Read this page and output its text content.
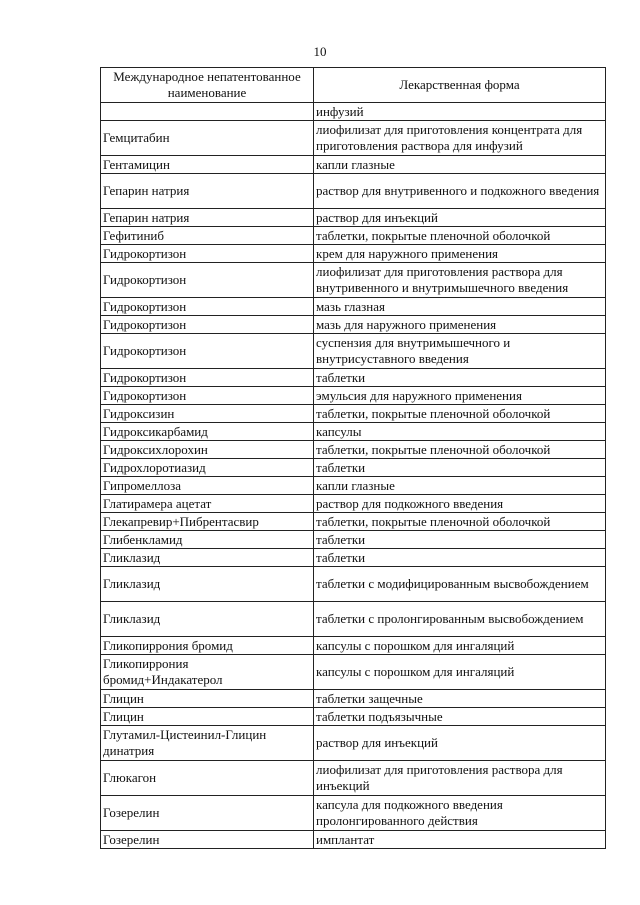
10
Международное непатентованное наименование	Лекарственная форма
	инфузий
Гемцитабин	лиофилизат для приготовления концентрата для приготовления раствора для инфузий
Гентамицин	капли глазные
Гепарин натрия	раствор для внутривенного и подкожного введения
Гепарин натрия	раствор для инъекций
Гефитиниб	таблетки, покрытые пленочной оболочкой
Гидрокортизон	крем для наружного применения
Гидрокортизон	лиофилизат для приготовления раствора для внутривенного и внутримышечного введения
Гидрокортизон	мазь глазная
Гидрокортизон	мазь для наружного применения
Гидрокортизон	суспензия для внутримышечного и внутрисуставного введения
Гидрокортизон	таблетки
Гидрокортизон	эмульсия для наружного применения
Гидроксизин	таблетки, покрытые пленочной оболочкой
Гидроксикарбамид	капсулы
Гидроксихлорохин	таблетки, покрытые пленочной оболочкой
Гидрохлоротиазид	таблетки
Гипромеллоза	капли глазные
Глатирамера ацетат	раствор для подкожного введения
Глекапревир+Пибрентасвир	таблетки, покрытые пленочной оболочкой
Глибенкламид	таблетки
Гликлазид	таблетки
Гликлазид	таблетки с модифицированным высвобождением
Гликлазид	таблетки с пролонгированным высвобождением
Гликопиррония бромид	капсулы с порошком для ингаляций
Гликопиррония бромид+Индакатерол	капсулы с порошком для ингаляций
Глицин	таблетки защечные
Глицин	таблетки подъязычные
Глутамил-Цистеинил-Глицин динатрия	раствор для инъекций
Глюкагон	лиофилизат для приготовления раствора для инъекций
Гозерелин	капсула для подкожного введения пролонгированного действия
Гозерелин	имплантат
